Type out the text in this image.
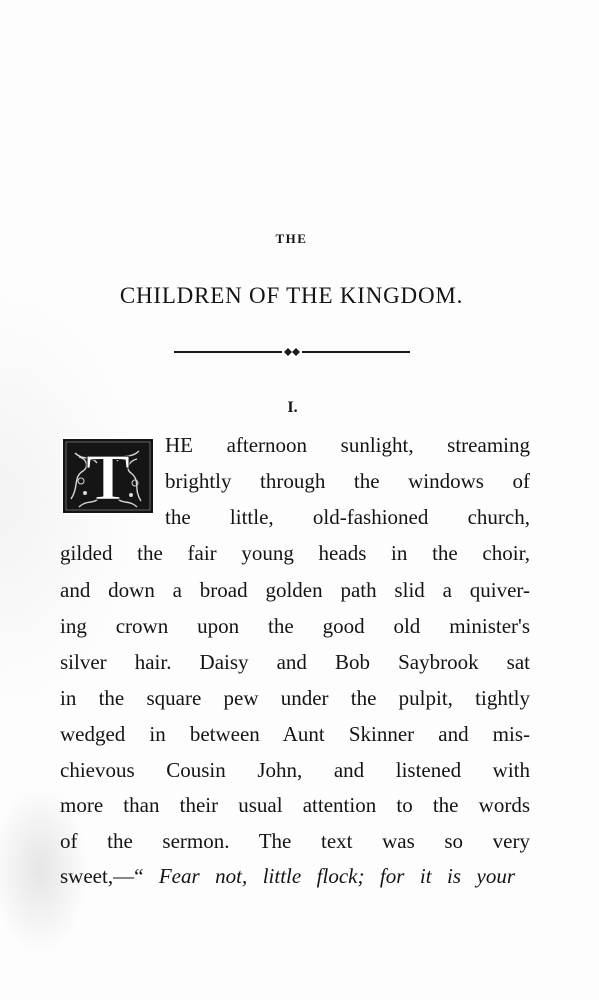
THE
CHILDREN OF THE KINGDOM.
I.
T HE afternoon sunlight, streaming
brightly through the windows of
the little, old-fashioned church,
gilded the fair young heads in the choir,
and down a broad golden path slid a quiver-
ing crown upon the good old minister's
silver hair. Daisy and Bob Saybrook sat
in the square pew under the pulpit, tightly
wedged in between Aunt Skinner and mis-
chievous Cousin John, and listened with
more than their usual attention to the words
of the sermon. The text was so very
sweet,—“ Fear not, little flock; for it is your
